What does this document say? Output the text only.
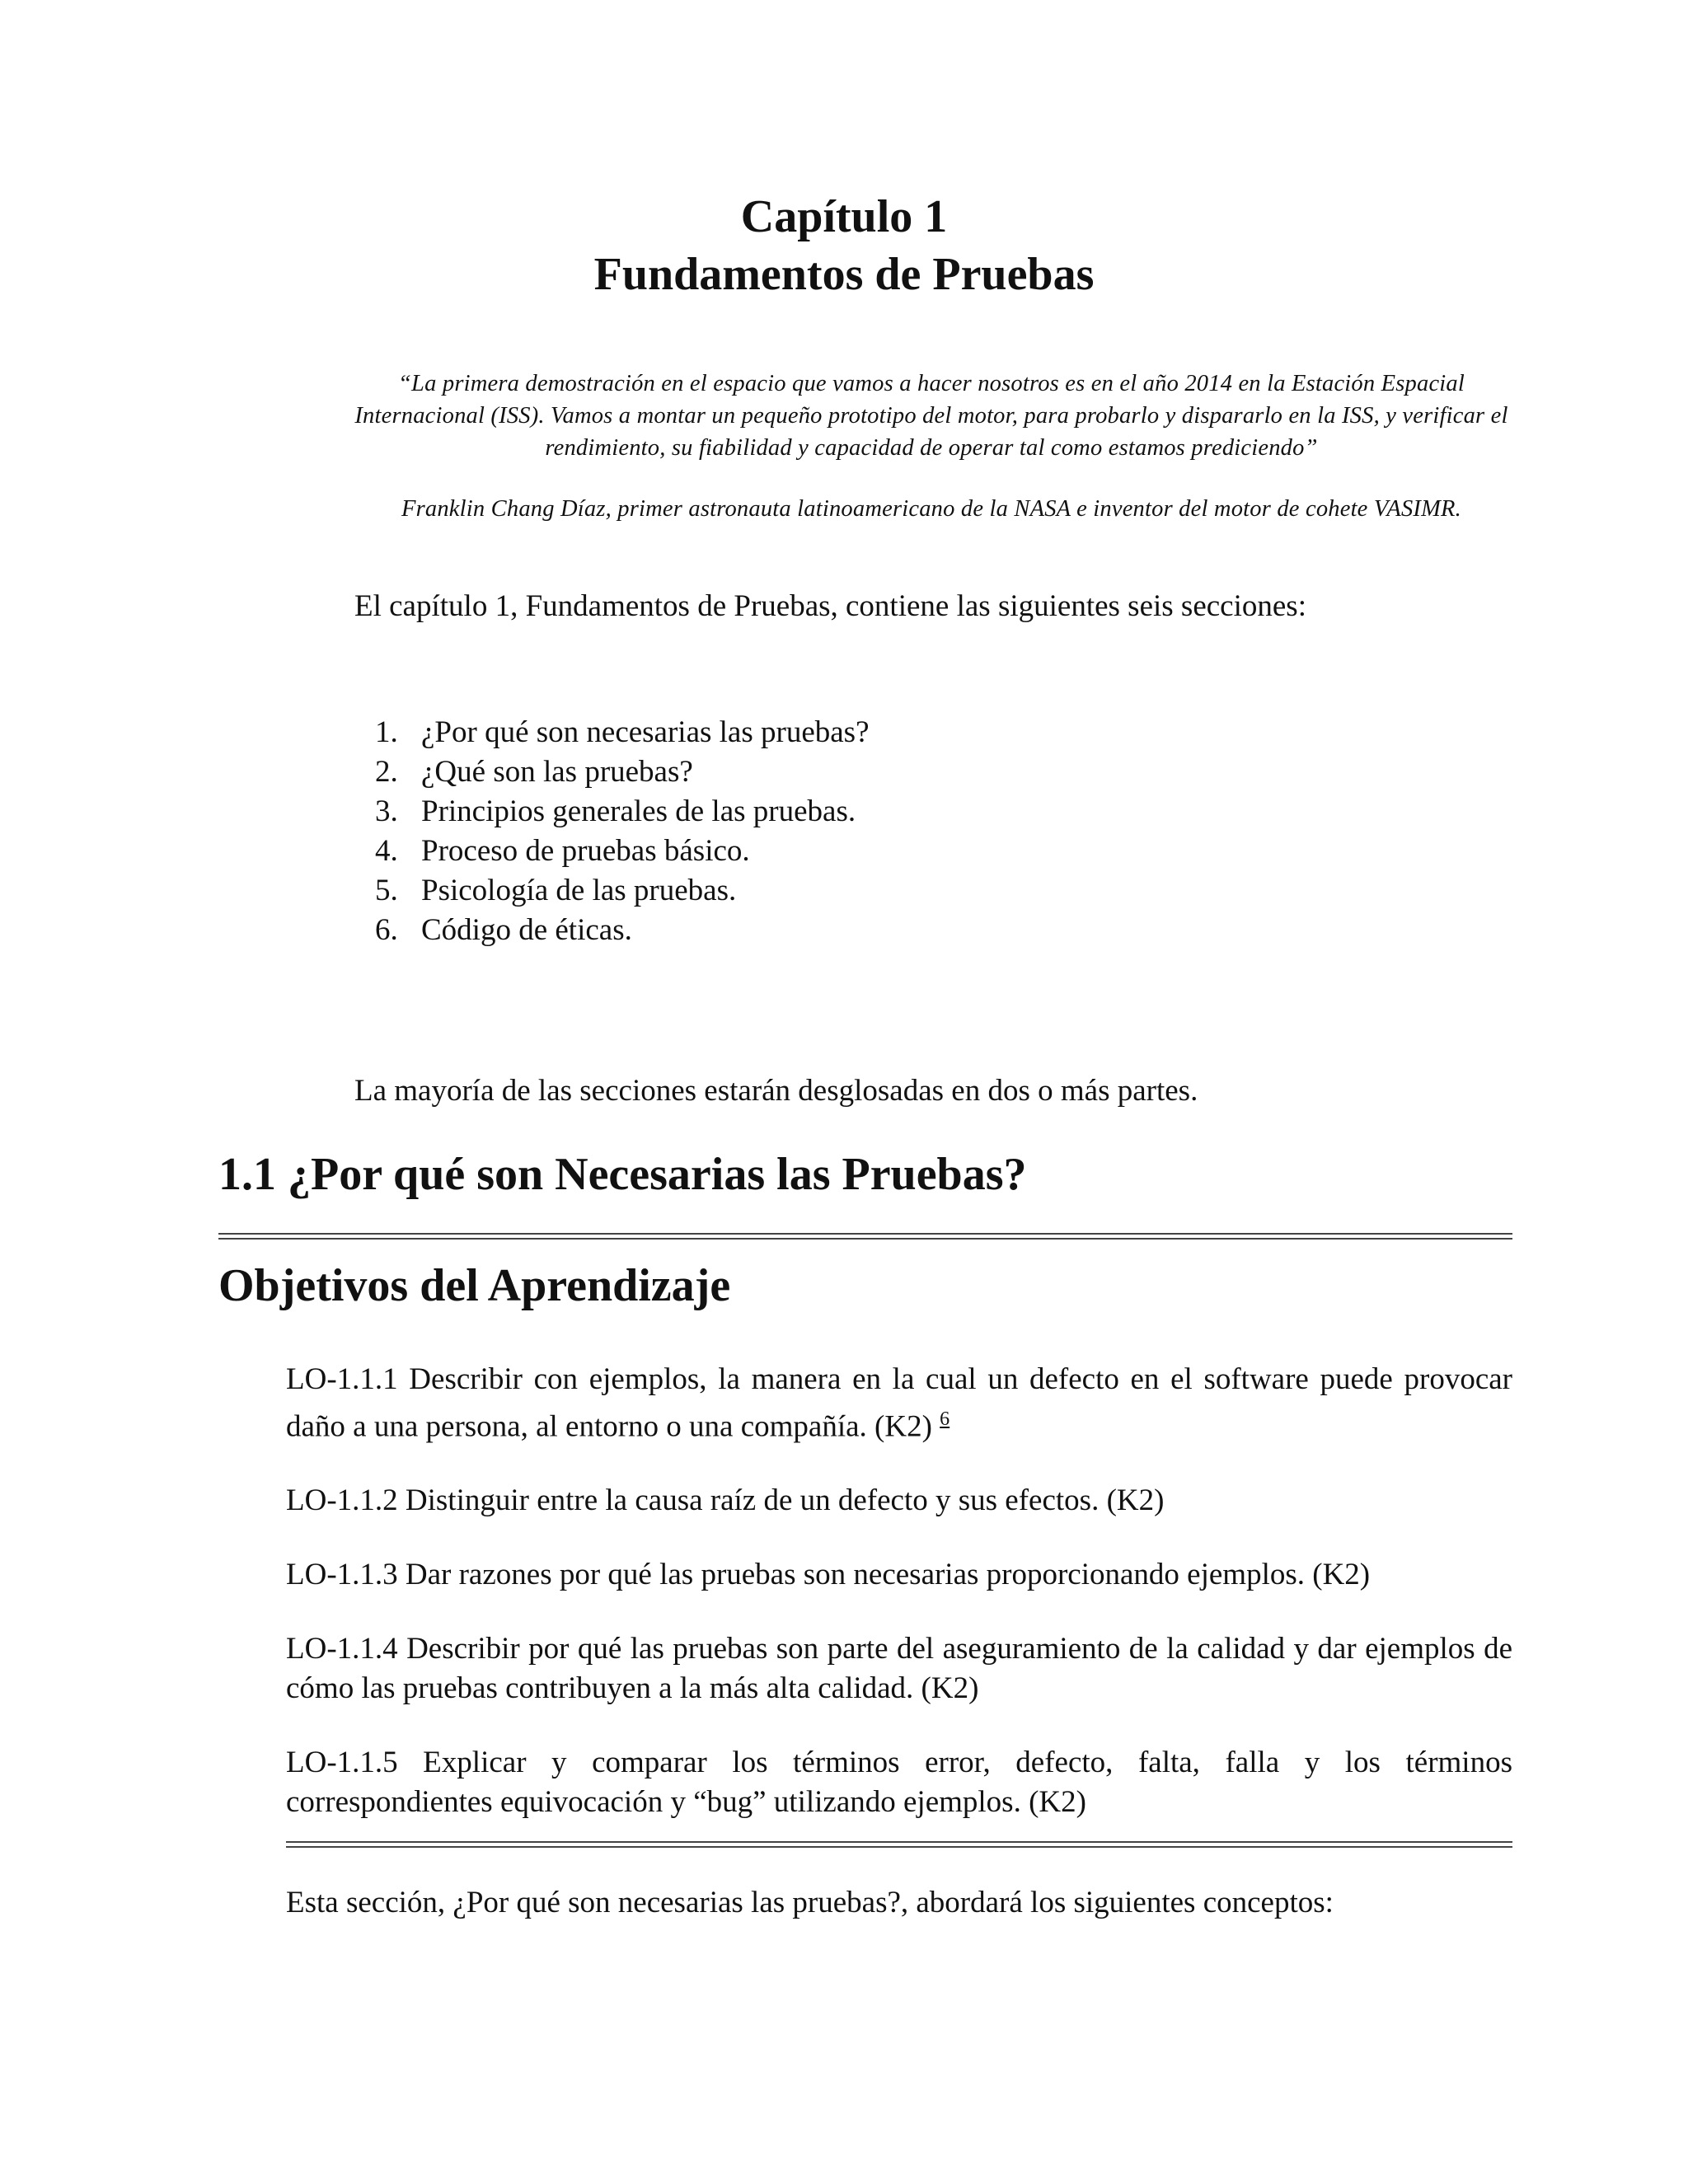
Capítulo 1
Fundamentos de Pruebas
“La primera demostración en el espacio que vamos a hacer nosotros es en el año 2014 en la Estación Espacial Internacional (ISS). Vamos a montar un pequeño prototipo del motor, para probarlo y dispararlo en la ISS, y verificar el rendimiento, su fiabilidad y capacidad de operar tal como estamos prediciendo”
Franklin Chang Díaz, primer astronauta latinoamericano de la NASA e inventor del motor de cohete VASIMR.
El capítulo 1, Fundamentos de Pruebas, contiene las siguientes seis secciones:
1. ¿Por qué son necesarias las pruebas?
2. ¿Qué son las pruebas?
3. Principios generales de las pruebas.
4. Proceso de pruebas básico.
5. Psicología de las pruebas.
6. Código de éticas.
La mayoría de las secciones estarán desglosadas en dos o más partes.
1.1 ¿Por qué son Necesarias las Pruebas?
Objetivos del Aprendizaje

LO-1.1.1 Describir con ejemplos, la manera en la cual un defecto en el software puede provocar daño a una persona, al entorno o una compañía. (K2) $^6$

LO-1.1.2 Distinguir entre la causa raíz de un defecto y sus efectos. (K2)

LO-1.1.3 Dar razones por qué las pruebas son necesarias proporcionando ejemplos. (K2)

LO-1.1.4 Describir por qué las pruebas son parte del aseguramiento de la calidad y dar ejemplos de cómo las pruebas contribuyen a la más alta calidad. (K2)

LO-1.1.5 Explicar y comparar los términos error, defecto, falta, falla y los términos correspondientes equivocación y “bug” utilizando ejemplos. (K2)

Esta sección, ¿Por qué son necesarias las pruebas?, abordará los siguientes conceptos:
